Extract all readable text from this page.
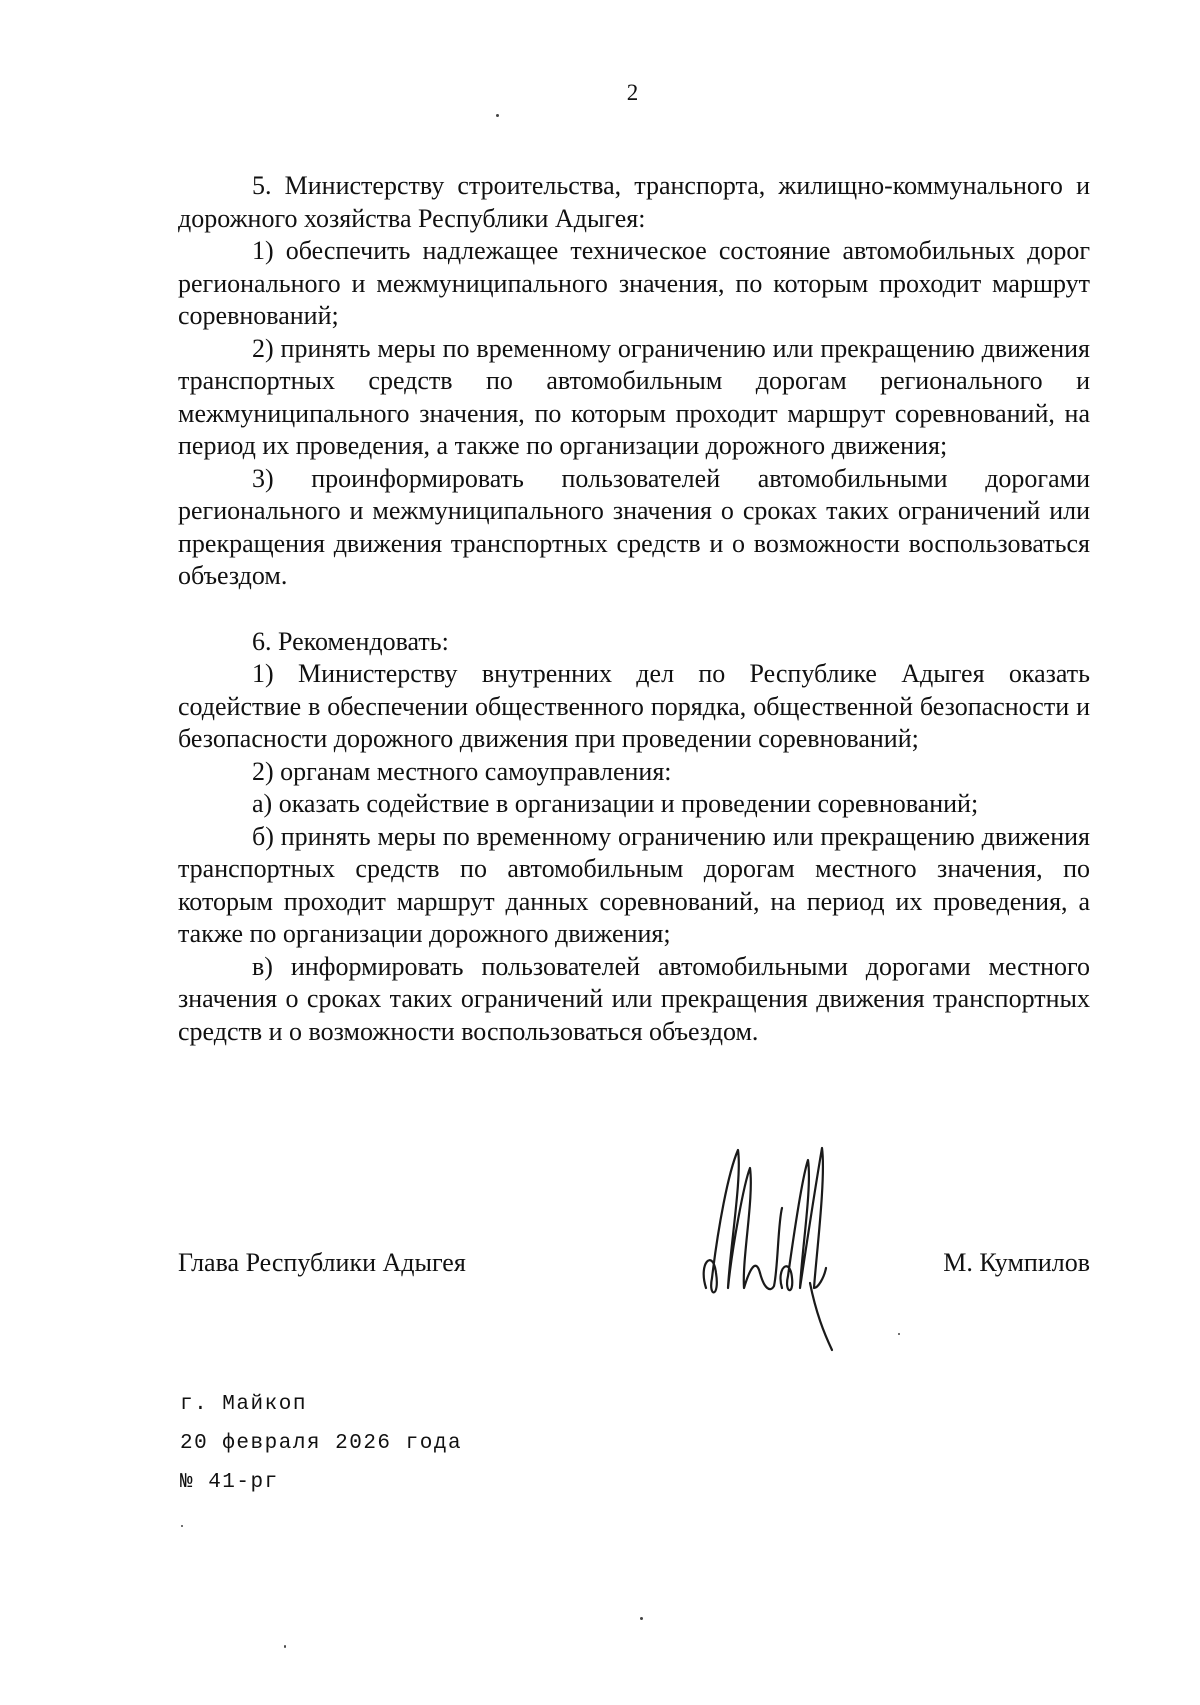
2

5. Министерству строительства, транспорта, жилищно-коммунального и дорожного хозяйства Республики Адыгея:

1) обеспечить надлежащее техническое состояние автомобильных дорог регионального и межмуниципального значения, по которым проходит маршрут соревнований;

2) принять меры по временному ограничению или прекращению движения транспортных средств по автомобильным дорогам регионального и межмуниципального значения, по которым проходит маршрут соревнований, на период их проведения, а также по организации дорожного движения;

3) проинформировать пользователей автомобильными дорогами регионального и межмуниципального значения о сроках таких ограничений или прекращения движения транспортных средств и о возможности воспользоваться объездом.

6. Рекомендовать:

1) Министерству внутренних дел по Республике Адыгея оказать содействие в обеспечении общественного порядка, общественной безопасности и безопасности дорожного движения при проведении соревнований;

2) органам местного самоуправления:

а) оказать содействие в организации и проведении соревнований;

б) принять меры по временному ограничению или прекращению движения транспортных средств по автомобильным дорогам местного значения, по которым проходит маршрут данных соревнований, на период их проведения, а также по организации дорожного движения;

в) информировать пользователей автомобильными дорогами местного значения о сроках таких ограничений или прекращения движения транспортных средств и о возможности воспользоваться объездом.

Глава Республики Адыгея	М. Кумпилов
г. Майкоп
20 февраля 2026 года
№ 41-рг
